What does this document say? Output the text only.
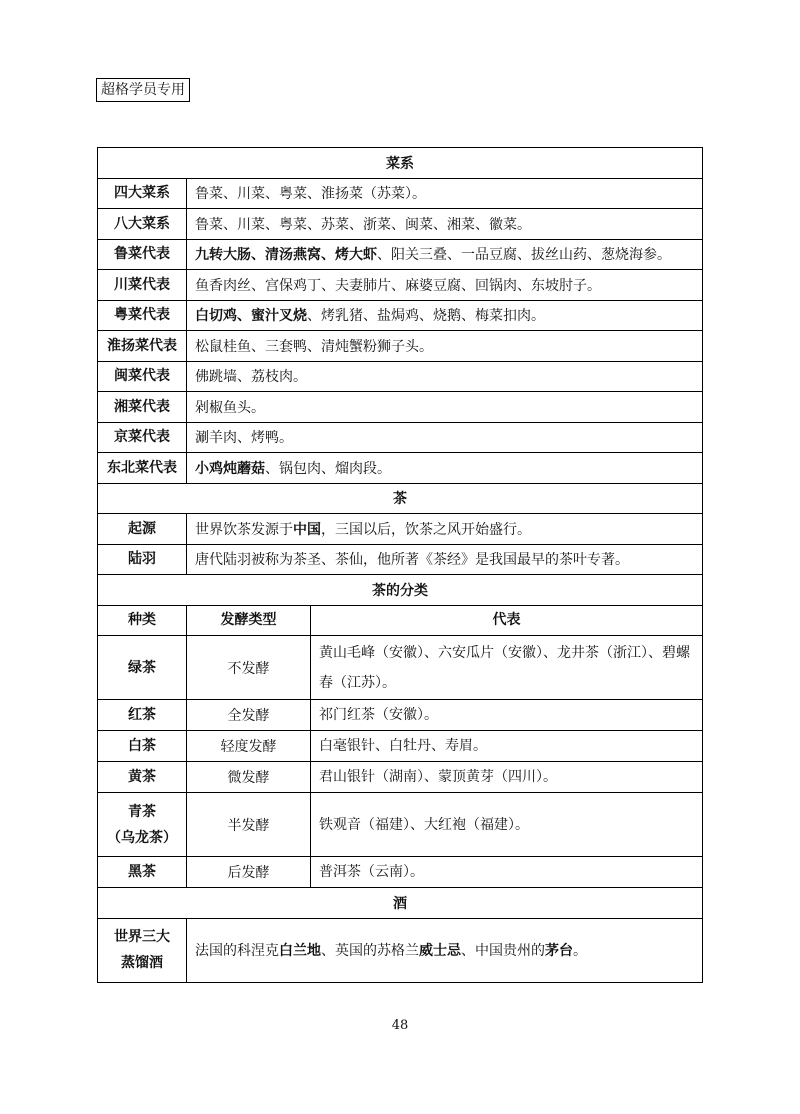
超格学员专用
菜系		
四大菜系	鲁菜、川菜、粤菜、淮扬菜（苏菜）。	
八大菜系	鲁菜、川菜、粤菜、苏菜、浙菜、闽菜、湘菜、徽菜。	
鲁菜代表	九转大肠、清汤燕窝、烤大虾、阳关三叠、一品豆腐、拔丝山药、葱烧海参。	
川菜代表	鱼香肉丝、宫保鸡丁、夫妻肺片、麻婆豆腐、回锅肉、东坡肘子。	
粤菜代表	白切鸡、蜜汁叉烧、烤乳猪、盐焗鸡、烧鹅、梅菜扣肉。	
淮扬菜代表	松鼠桂鱼、三套鸭、清炖蟹粉狮子头。	
闽菜代表	佛跳墙、荔枝肉。	
湘菜代表	剁椒鱼头。	
京菜代表	涮羊肉、烤鸭。	
东北菜代表	小鸡炖蘑菇、锅包肉、熘肉段。	
茶		
起源	世界饮茶发源于中国，三国以后，饮茶之风开始盛行。	
陆羽	唐代陆羽被称为茶圣、茶仙，他所著《茶经》是我国最早的茶叶专著。	
茶的分类		
种类	发酵类型	代表
绿茶	不发酵	黄山毛峰（安徽）、六安瓜片（安徽）、龙井茶（浙江）、碧螺春（江苏）。
红茶	全发酵	祁门红茶（安徽）。
白茶	轻度发酵	白毫银针、白牡丹、寿眉。
黄茶	微发酵	君山银针（湖南）、蒙顶黄芽（四川）。

青茶
（乌龙茶）	半发酵	铁观音（福建）、大红袍（福建）。
黑茶	后发酵	普洱茶（云南）。
酒		

世界三大
蒸馏酒	法国的科涅克白兰地、英国的苏格兰威士忌、中国贵州的茅台。	
48
